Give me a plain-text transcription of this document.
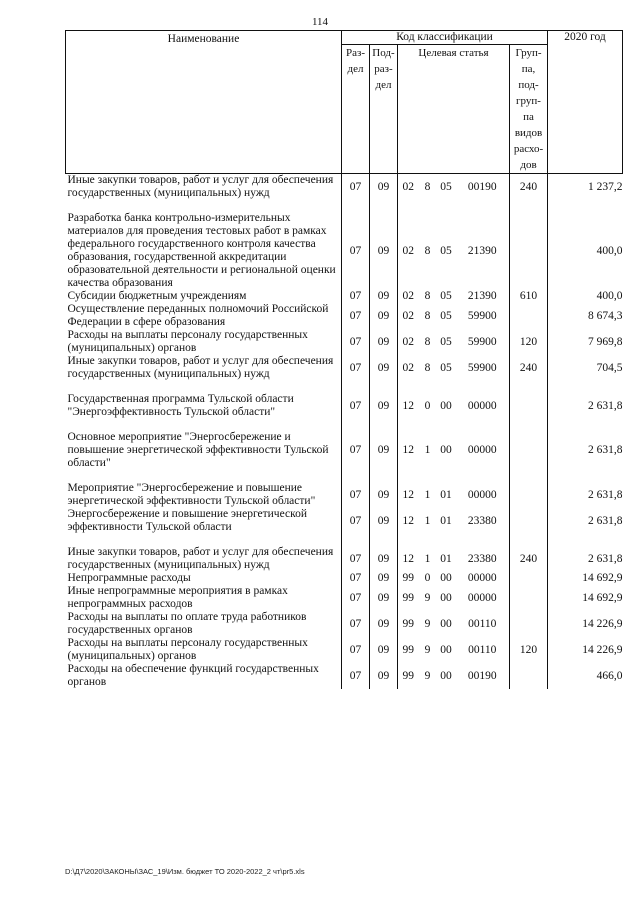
114
Наименование	Код классификации							2020 год
	Раз-дел	Под-раз-дел	Целевая статья				Груп-па, под-груп-па видов расхо-дов	

Иные закупки товаров, работ и услуг для обеспечения государственных (муниципальных) нужд	07	09	02	8	05	00190	240	1 237,2

Разработка банка контрольно-измерительных материалов для проведения тестовых работ в рамках федерального государственного контроля качества образования, государственной аккредитации образовательной деятельности и региональной оценки качества образования	07	09	02	8	05	21390		400,0
Субсидии бюджетным учреждениям	07	09	02	8	05	21390	610	400,0
Осуществление переданных полномочий Российской Федерации в сфере образования	07	09	02	8	05	59900		8 674,3
Расходы на выплаты персоналу государственных (муниципальных) органов	07	09	02	8	05	59900	120	7 969,8
Иные закупки товаров, работ и услуг для обеспечения государственных (муниципальных) нужд	07	09	02	8	05	59900	240	704,5

Государственная программа Тульской области "Энергоэффективность Тульской области"	07	09	12	0	00	00000		2 631,8

Основное мероприятие "Энергосбережение и повышение энергетической эффективности Тульской области"	07	09	12	1	00	00000		2 631,8

Мероприятие "Энергосбережение и повышение энергетической эффективности Тульской области"	07	09	12	1	01	00000		2 631,8
Энергосбережение и повышение энергетической эффективности Тульской области	07	09	12	1	01	23380		2 631,8

Иные закупки товаров, работ и услуг для обеспечения государственных (муниципальных) нужд	07	09	12	1	01	23380	240	2 631,8
Непрограммные расходы	07	09	99	0	00	00000		14 692,9
Иные непрограммные мероприятия в рамках непрограммных расходов	07	09	99	9	00	00000		14 692,9
Расходы на выплаты по оплате труда работников государственных органов	07	09	99	9	00	00110		14 226,9
Расходы на выплаты персоналу государственных (муниципальных) органов	07	09	99	9	00	00110	120	14 226,9
Расходы на обеспечение функций государственных органов	07	09	99	9	00	00190		466,0
D:\Д7\2020\ЗАКОНЫ\ЗАС_19\Изм. бюджет ТО 2020-2022_2 чт\pr5.xls
